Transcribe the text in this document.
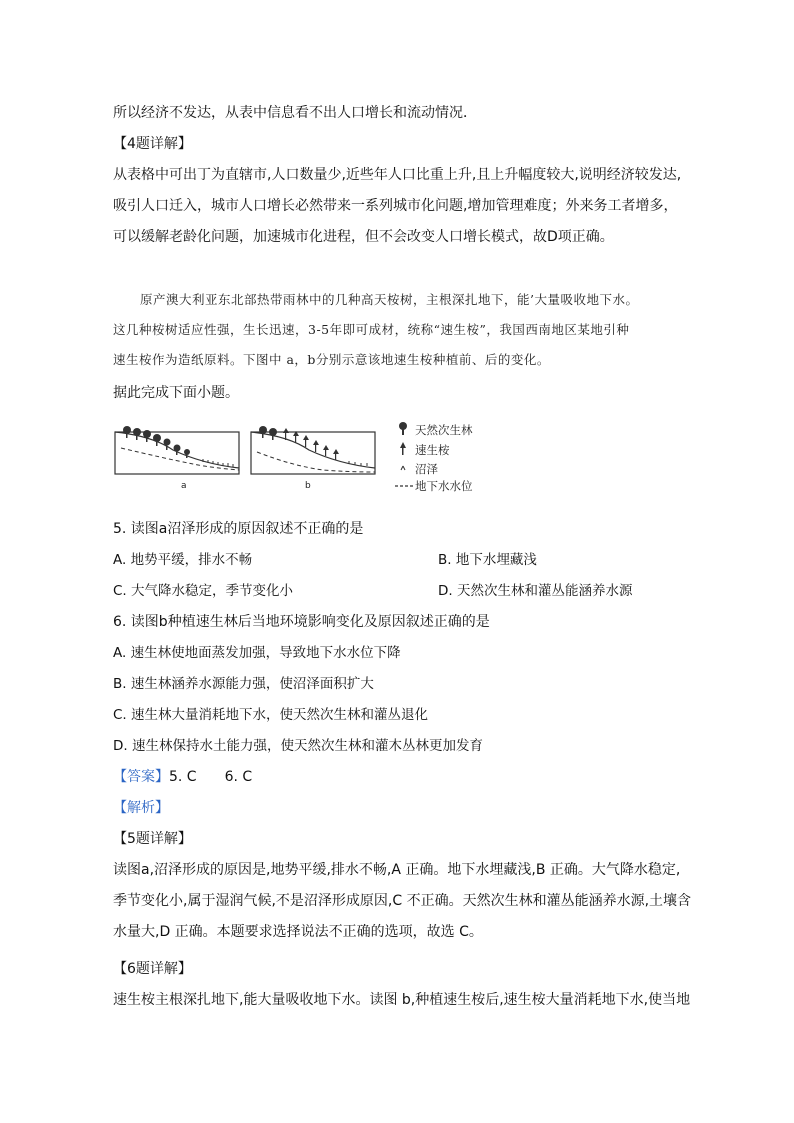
所以经济不发达，从表中信息看不出人口增长和流动情况．
【4题详解】
从表格中可出丁为直辖市,人口数量少,近些年人口比重上升,且上升幅度较大,说明经济较发达,
吸引人口迁入，城市人口增长必然带来一系列城市化问题,增加管理难度；外来务工者增多，
可以缓解老龄化问题，加速城市化进程，但不会改变人口增长模式，故D项正确。
原产澳大利亚东北部热带雨林中的几种高天桉树，主根深扎地下，能’大量吸收地下水。
这几种桉树适应性强，生长迅速，3-5年即可成材，统称“速生桉”，我国西南地区某地引种
速生桉作为造纸原料。下图中 a，b分别示意该地速生桉种植前、后的变化。
据此完成下面小题。
a	b
天然次生林
速生桉
沼泽
地下水水位
5. 读图a沼泽形成的原因叙述不正确的是
A. 地势平缓，排水不畅	B. 地下水埋藏浅
C. 大气降水稳定，季节变化小	D. 天然次生林和灌丛能涵养水源
6. 读图b种植速生林后当地环境影响变化及原因叙述正确的是
A. 速生林使地面蒸发加强，导致地下水水位下降
B. 速生林涵养水源能力强，使沼泽面积扩大
C. 速生林大量消耗地下水，使天然次生林和灌丛退化
D. 速生林保持水土能力强，使天然次生林和灌木丛林更加发育
【答案】5. C　　6. C
【解析】
【5题详解】
读图a,沼泽形成的原因是,地势平缓,排水不畅,A 正确。地下水埋藏浅,B 正确。大气降水稳定,
季节变化小,属于湿润气候,不是沼泽形成原因,C 不正确。天然次生林和灌丛能涵养水源,土壤含
水量大,D 正确。本题要求选择说法不正确的选项，故选 C。
【6题详解】
速生桉主根深扎地下,能大量吸收地下水。读图 b,种植速生桉后,速生桉大量消耗地下水,使当地
